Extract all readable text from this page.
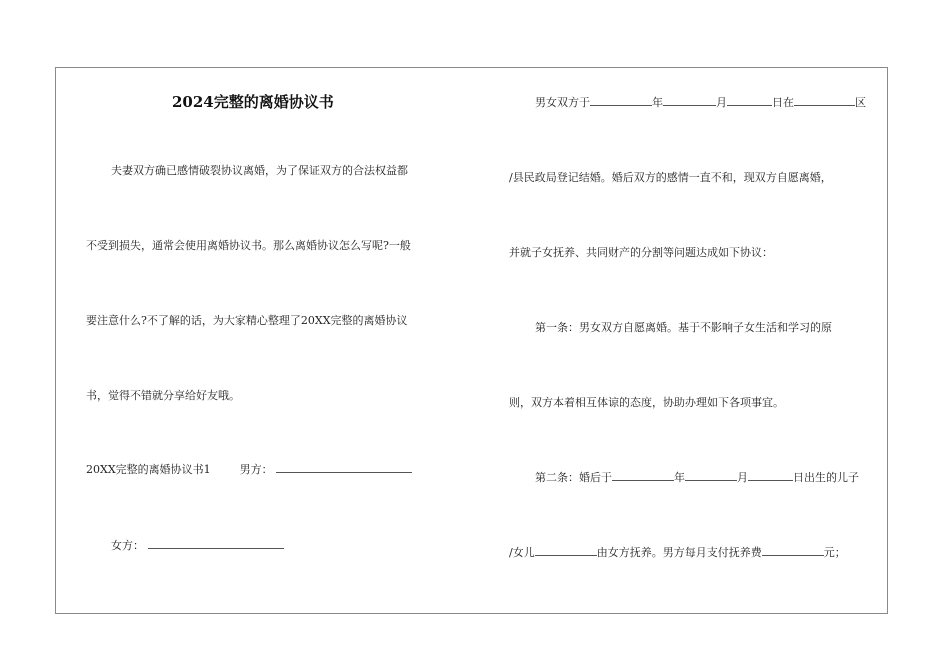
2024完整的离婚协议书
夫妻双方确已感情破裂协议离婚，为了保证双方的合法权益都
不受到损失，通常会使用离婚协议书。那么离婚协议怎么写呢?一般
要注意什么?不了解的话，为大家精心整理了20XX完整的离婚协议
书，觉得不错就分享给好友哦。
20XX完整的离婚协议书1	男方：
女方：
男女双方于	年	月	日在	区
/县民政局登记结婚。婚后双方的感情一直不和，现双方自愿离婚，
并就子女抚养、共同财产的分割等问题达成如下协议：
第一条：男女双方自愿离婚。基于不影响子女生活和学习的原
则，双方本着相互体谅的态度，协助办理如下各项事宜。
第二条：婚后于	年	月	日出生的儿子
/女儿	由女方抚养。男方每月支付抚养费	元；
